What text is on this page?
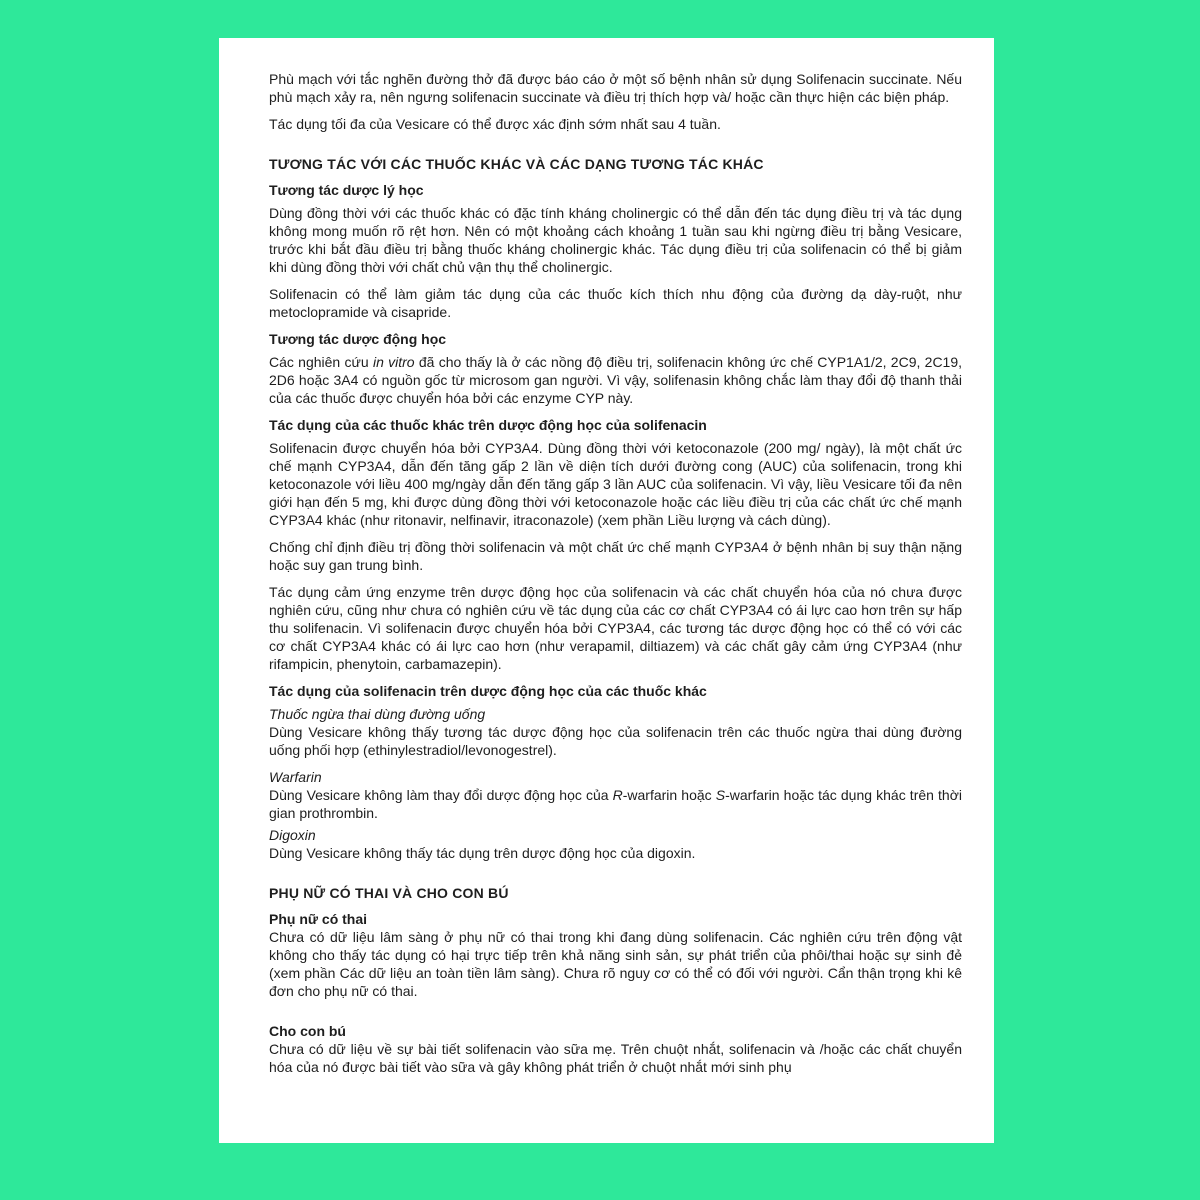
Phù mạch với tắc nghẽn đường thở đã được báo cáo ở một số bệnh nhân sử dụng Solifenacin succinate. Nếu phù mạch xảy ra, nên ngưng solifenacin succinate và điều trị thích hợp và/ hoặc cần thực hiện các biện pháp.

Tác dụng tối đa của Vesicare có thể được xác định sớm nhất sau 4 tuần.

TƯƠNG TÁC VỚI CÁC THUỐC KHÁC VÀ CÁC DẠNG TƯƠNG TÁC KHÁC
Tương tác dược lý học

Dùng đồng thời với các thuốc khác có đặc tính kháng cholinergic có thể dẫn đến tác dụng điều trị và tác dụng không mong muốn rõ rệt hơn. Nên có một khoảng cách khoảng 1 tuần sau khi ngừng điều trị bằng Vesicare, trước khi bắt đầu điều trị bằng thuốc kháng cholinergic khác. Tác dụng điều trị của solifenacin có thể bị giảm khi dùng đồng thời với chất chủ vận thụ thể cholinergic.

Solifenacin có thể làm giảm tác dụng của các thuốc kích thích nhu động của đường dạ dày-ruột, như metoclopramide và cisapride.

Tương tác dược động học

Các nghiên cứu in vitro đã cho thấy là ở các nồng độ điều trị, solifenacin không ức chế CYP1A1/2, 2C9, 2C19, 2D6 hoặc 3A4 có nguồn gốc từ microsom gan người. Vì vậy, solifenasin không chắc làm thay đổi độ thanh thải của các thuốc được chuyển hóa bởi các enzyme CYP này.

Tác dụng của các thuốc khác trên dược động học của solifenacin

Solifenacin được chuyển hóa bởi CYP3A4. Dùng đồng thời với ketoconazole (200 mg/ ngày), là một chất ức chế mạnh CYP3A4, dẫn đến tăng gấp 2 lần về diện tích dưới đường cong (AUC) của solifenacin, trong khi ketoconazole với liều 400 mg/ngày dẫn đến tăng gấp 3 lần AUC của solifenacin. Vì vậy, liều Vesicare tối đa nên giới hạn đến 5 mg, khi được dùng đồng thời với ketoconazole hoặc các liều điều trị của các chất ức chế mạnh CYP3A4 khác (như ritonavir, nelfinavir, itraconazole) (xem phần Liều lượng và cách dùng).

Chống chỉ định điều trị đồng thời solifenacin và một chất ức chế mạnh CYP3A4 ở bệnh nhân bị suy thận nặng hoặc suy gan trung bình.

Tác dụng cảm ứng enzyme trên dược động học của solifenacin và các chất chuyển hóa của nó chưa được nghiên cứu, cũng như chưa có nghiên cứu về tác dụng của các cơ chất CYP3A4 có ái lực cao hơn trên sự hấp thu solifenacin. Vì solifenacin được chuyển hóa bởi CYP3A4, các tương tác dược động học có thể có với các cơ chất CYP3A4 khác có ái lực cao hơn (như verapamil, diltiazem) và các chất gây cảm ứng CYP3A4 (như rifampicin, phenytoin, carbamazepin).

Tác dụng của solifenacin trên dược động học của các thuốc khác

Thuốc ngừa thai dùng đường uống

Dùng Vesicare không thấy tương tác dược động học của solifenacin trên các thuốc ngừa thai dùng đường uống phối hợp (ethinylestradiol/levonogestrel).

Warfarin

Dùng Vesicare không làm thay đổi dược động học của R-warfarin hoặc S-warfarin hoặc tác dụng khác trên thời gian prothrombin.

Digoxin

Dùng Vesicare không thấy tác dụng trên dược động học của digoxin.

PHỤ NỮ CÓ THAI VÀ CHO CON BÚ
Phụ nữ có thai

Chưa có dữ liệu lâm sàng ở phụ nữ có thai trong khi đang dùng solifenacin. Các nghiên cứu trên động vật không cho thấy tác dụng có hại trực tiếp trên khả năng sinh sản, sự phát triển của phôi/thai hoặc sự sinh đẻ (xem phần Các dữ liệu an toàn tiền lâm sàng). Chưa rõ nguy cơ có thể có đối với người. Cẩn thận trọng khi kê đơn cho phụ nữ có thai.

Cho con bú

Chưa có dữ liệu về sự bài tiết solifenacin vào sữa mẹ. Trên chuột nhắt, solifenacin và /hoặc các chất chuyển hóa của nó được bài tiết vào sữa và gây không phát triển ở chuột nhắt mới sinh phụ
